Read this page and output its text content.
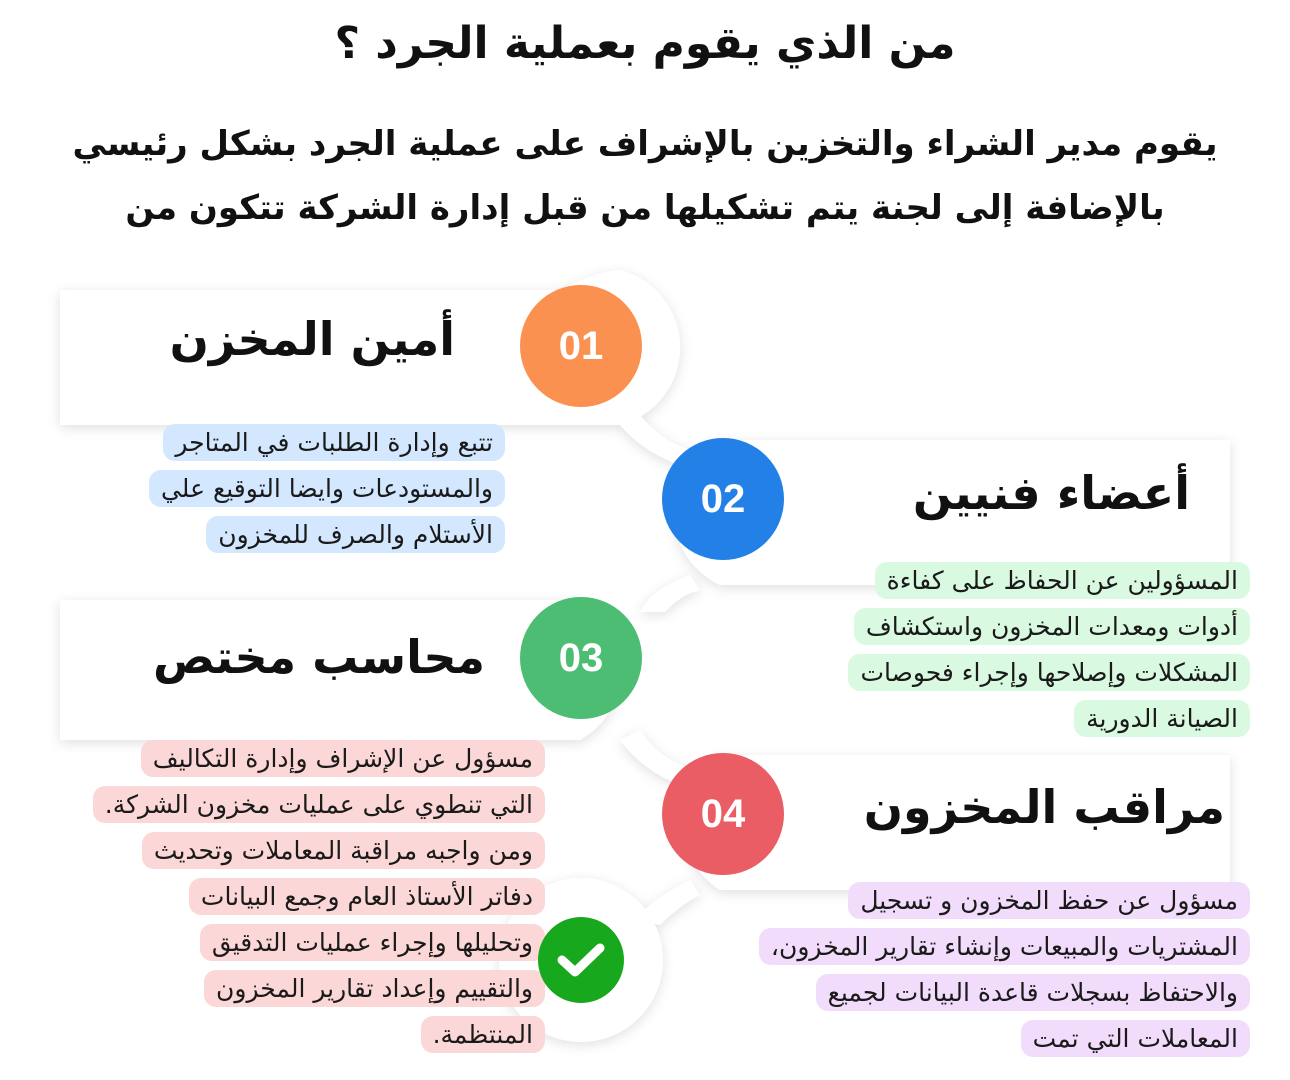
من الذي يقوم بعملية الجرد ؟
يقوم مدير الشراء والتخزين بالإشراف على عملية الجرد بشكل رئيسي
بالإضافة إلى لجنة يتم تشكيلها من قبل إدارة الشركة تتكون من
01
أمين المخزن
تتبع وإدارة الطلبات في المتاجر
والمستودعات وايضا التوقيع علي
الأستلام والصرف للمخزون
02	أعضاء فنيين
المسؤولين عن الحفاظ على كفاءة
أدوات ومعدات المخزون واستكشاف
المشكلات وإصلاحها وإجراء فحوصات
الصيانة الدورية
03
محاسب مختص
مسؤول عن الإشراف وإدارة التكاليف
التي تنطوي على عمليات مخزون الشركة.
ومن واجبه مراقبة المعاملات وتحديث
دفاتر الأستاذ العام وجمع البيانات
وتحليلها وإجراء عمليات التدقيق
والتقييم وإعداد تقارير المخزون
المنتظمة.
04	مراقب المخزون
مسؤول عن حفظ المخزون و تسجيل
المشتريات والمبيعات وإنشاء تقارير المخزون،
والاحتفاظ بسجلات قاعدة البيانات لجميع
المعاملات التي تمت
